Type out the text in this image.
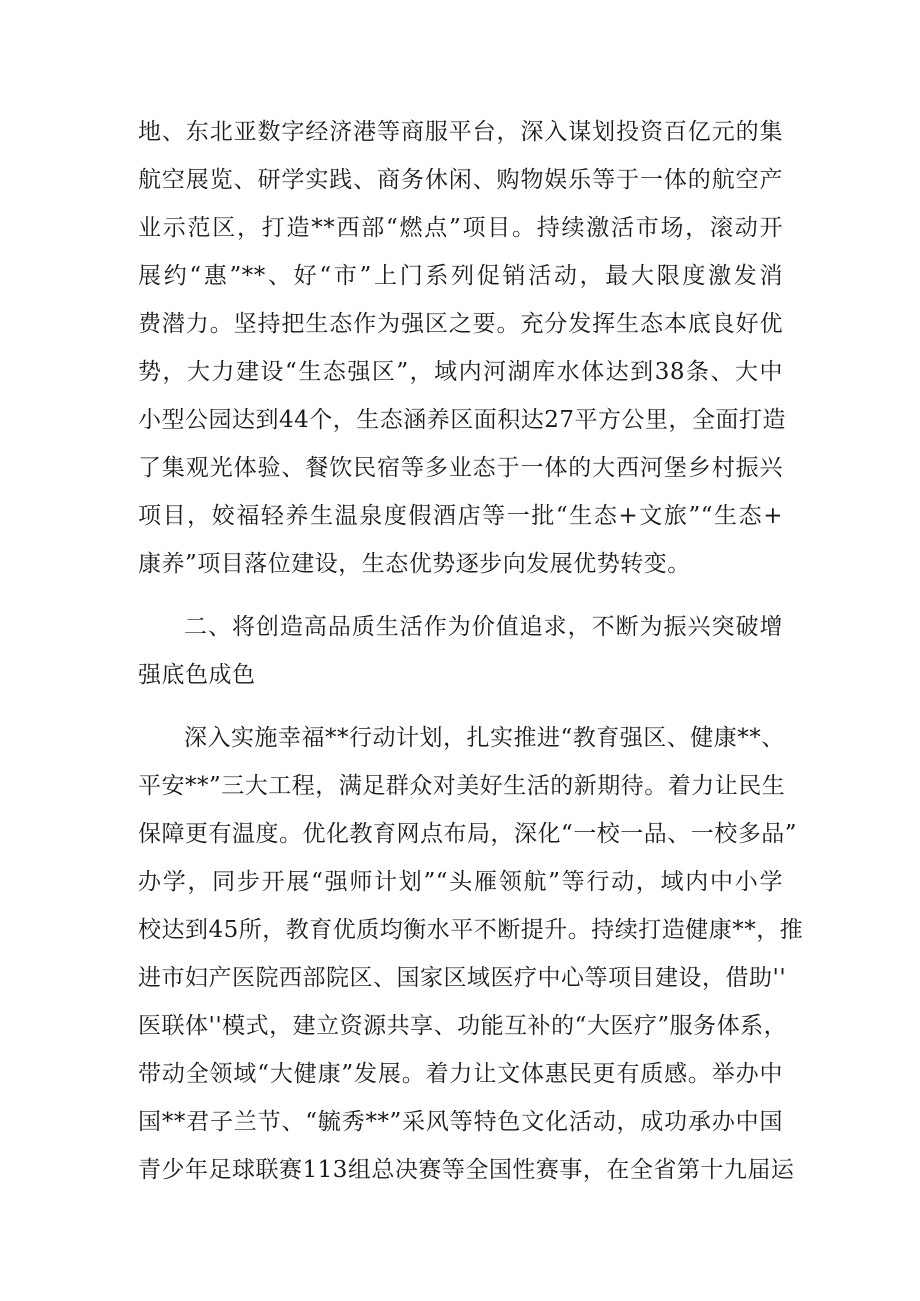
地、东北亚数字经济港等商服平台，深入谋划投资百亿元的集
航空展览、研学实践、商务休闲、购物娱乐等于一体的航空产
业示范区，打造**西部“燃点”项目。持续激活市场，滚动开
展约“惠”**、好“市”上门系列促销活动，最大限度激发消
费潜力。坚持把生态作为强区之要。充分发挥生态本底良好优
势，大力建设“生态强区”，域内河湖库水体达到38条、大中
小型公园达到44个，生态涵养区面积达27平方公里，全面打造
了集观光体验、餐饮民宿等多业态于一体的大西河堡乡村振兴
项目，姣福轻养生温泉度假酒店等一批“生态+文旅”“生态+
康养”项目落位建设，生态优势逐步向发展优势转变。
二、将创造高品质生活作为价值追求，不断为振兴突破增
强底色成色
深入实施幸福**行动计划，扎实推进“教育强区、健康**、
平安**”三大工程，满足群众对美好生活的新期待。着力让民生
保障更有温度。优化教育网点布局，深化“一校一品、一校多品”
办学，同步开展“强师计划”“头雁领航”等行动，域内中小学
校达到45所，教育优质均衡水平不断提升。持续打造健康**，推
进市妇产医院西部院区、国家区域医疗中心等项目建设，借助''
医联体''模式，建立资源共享、功能互补的“大医疗”服务体系，
带动全领域“大健康”发展。着力让文体惠民更有质感。举办中
国**君子兰节、“毓秀**”采风等特色文化活动，成功承办中国
青少年足球联赛113组总决赛等全国性赛事，在全省第十九届运
